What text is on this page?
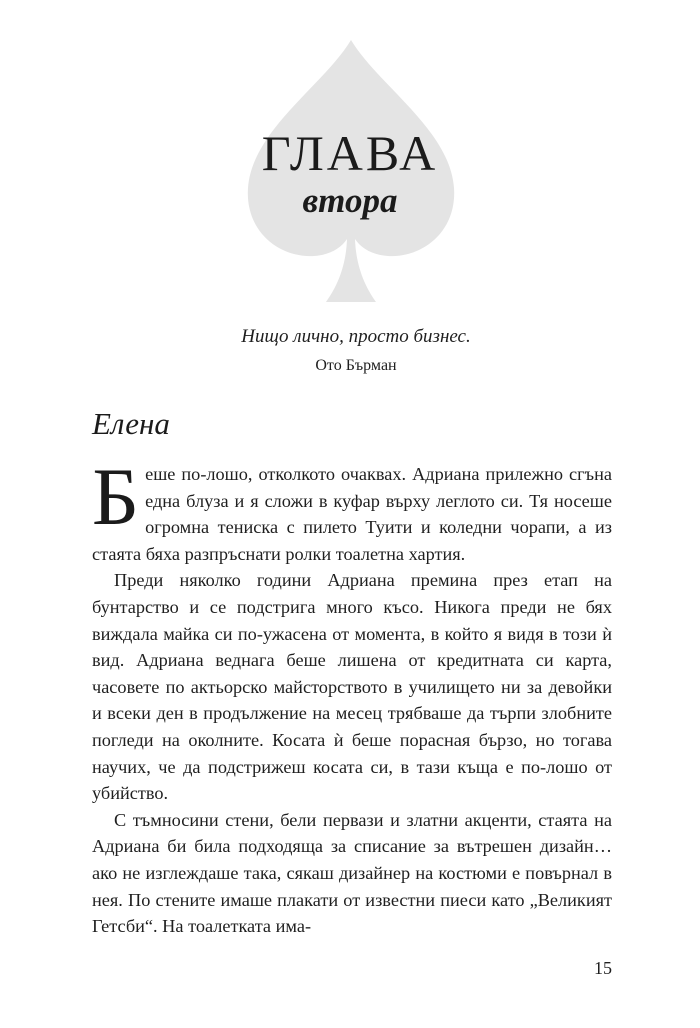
ГЛАВА
втора
Нищо лично, просто бизнес.
Ото Бърман
Елена

Беше по-лошо, отколкото очаквах. Адриана прилежно сгъна една блуза и я сложи в куфар върху леглото си. Тя носеше огромна тениска с пилето Туити и коледни чорапи, а из стаята бяха разпръснати ролки тоалетна хартия.

Преди няколко години Адриана премина през етап на бунтарство и се подстрига много късо. Никога преди не бях виждала майка си по-ужасена от момента, в който я видя в този ѝ вид. Адриана веднага беше лишена от кредитната си карта, часовете по актьорско майсторството в училището ни за девойки и всеки ден в продължение на месец трябваше да търпи злобните погледи на околните. Косата ѝ беше порасная бързо, но тогава научих, че да подстрижеш косата си, в тази къща е по-лошо от убийство.

С тъмносини стени, бели первази и златни акценти, стаята на Адриана би била подходяща за списание за вътрешен дизайн… ако не изглеждаше така, сякаш дизайнер на костюми е повърнал в нея. По стените имаше плакати от известни пиеси като „Великият Гетсби“. На тоалетката има-

15
